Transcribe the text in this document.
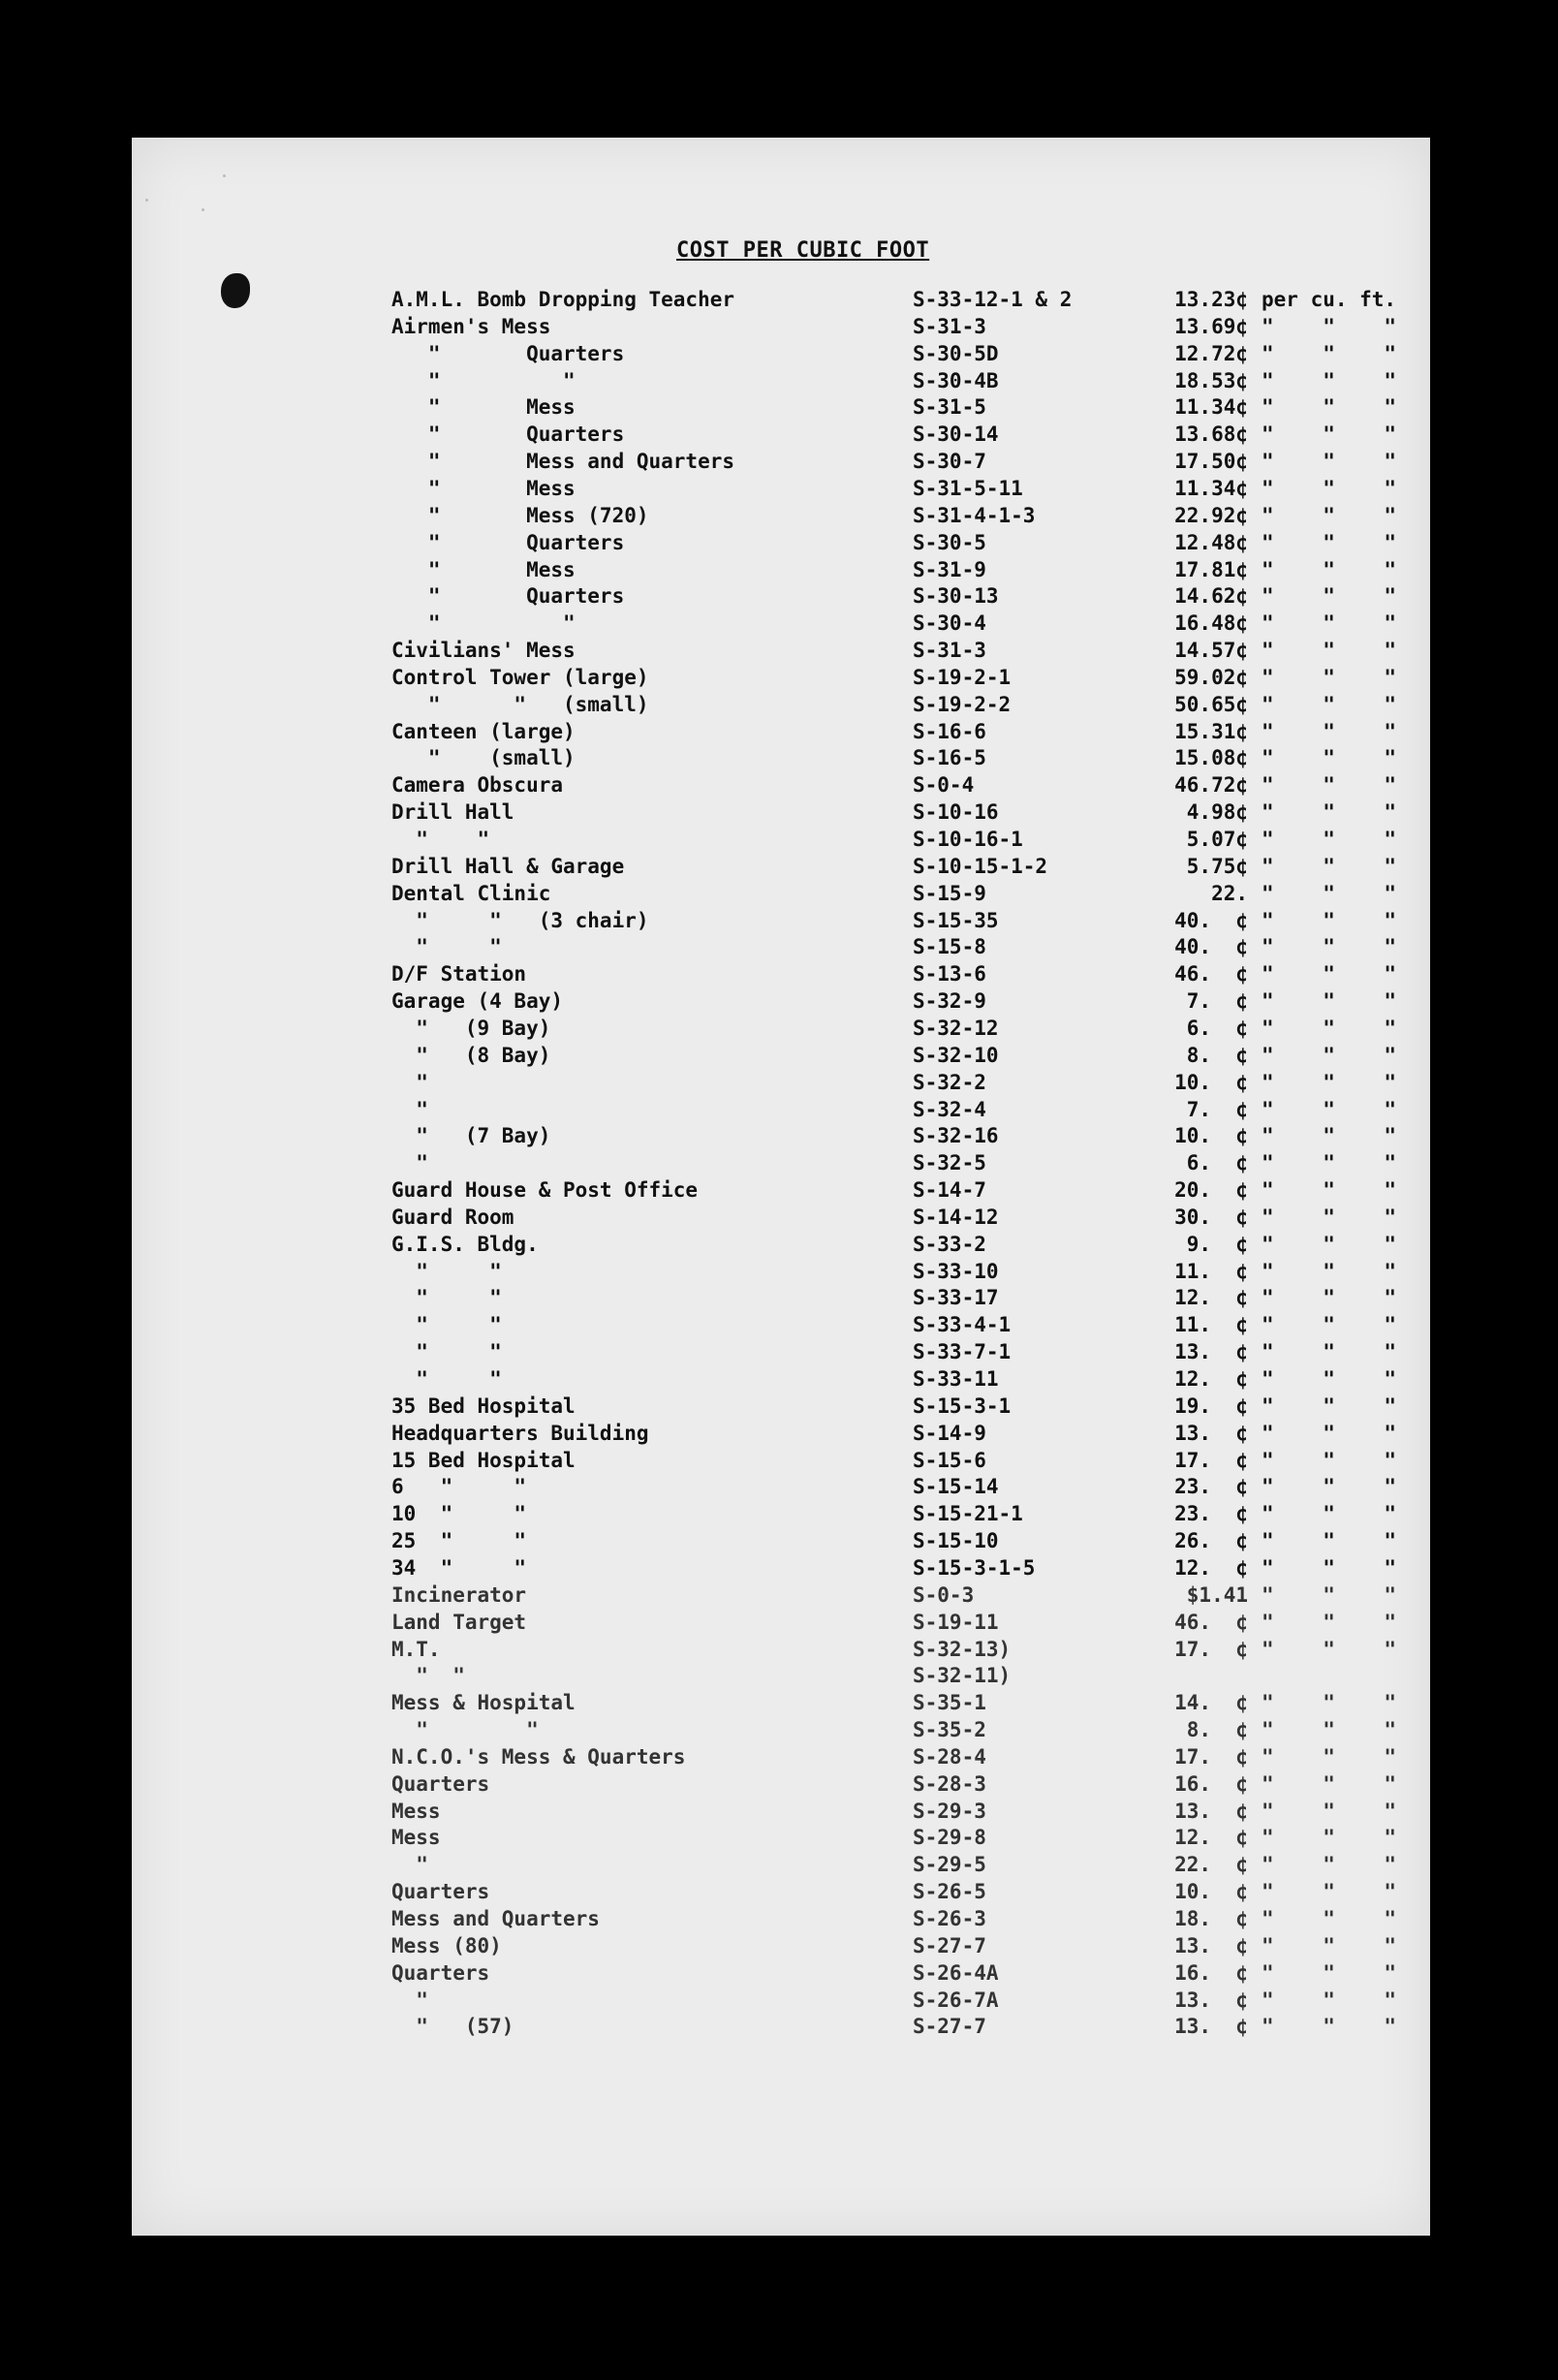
COST PER CUBIC FOOT
A.M.L. Bomb Dropping Teacher	S-33-12-1 & 2	13.23¢ per cu. ft.
Airmen's Mess	S-31-3	13.69¢ "    "    "
"       Quarters	S-30-5D	12.72¢ "    "    "
"          "	S-30-4B	18.53¢ "    "    "
"       Mess	S-31-5	11.34¢ "    "    "
"       Quarters	S-30-14	13.68¢ "    "    "
"       Mess and Quarters	S-30-7	17.50¢ "    "    "
"       Mess	S-31-5-11	11.34¢ "    "    "
"       Mess (720)	S-31-4-1-3	22.92¢ "    "    "
"       Quarters	S-30-5	12.48¢ "    "    "
"       Mess	S-31-9	17.81¢ "    "    "
"       Quarters	S-30-13	14.62¢ "    "    "
"          "	S-30-4	16.48¢ "    "    "
Civilians' Mess	S-31-3	14.57¢ "    "    "
Control Tower (large)	S-19-2-1	59.02¢ "    "    "
"      "   (small)	S-19-2-2	50.65¢ "    "    "
Canteen (large)	S-16-6	15.31¢ "    "    "
"    (small)	S-16-5	15.08¢ "    "    "
Camera Obscura	S-0-4	46.72¢ "    "    "
Drill Hall	S-10-16	4.98¢ "    "    "
"    "	S-10-16-1	5.07¢ "    "    "
Drill Hall & Garage	S-10-15-1-2	5.75¢ "    "    "
Dental Clinic	S-15-9	22. "    "    "
"     "   (3 chair)	S-15-35	40.  ¢ "    "    "
"     "	S-15-8	40.  ¢ "    "    "
D/F Station	S-13-6	46.  ¢ "    "    "
Garage (4 Bay)	S-32-9	7.  ¢ "    "    "
"   (9 Bay)	S-32-12	6.  ¢ "    "    "
"   (8 Bay)	S-32-10	8.  ¢ "    "    "
"	S-32-2	10.  ¢ "    "    "
"	S-32-4	7.  ¢ "    "    "
"   (7 Bay)	S-32-16	10.  ¢ "    "    "
"	S-32-5	6.  ¢ "    "    "
Guard House & Post Office	S-14-7	20.  ¢ "    "    "
Guard Room	S-14-12	30.  ¢ "    "    "
G.I.S. Bldg.	S-33-2	9.  ¢ "    "    "
"     "	S-33-10	11.  ¢ "    "    "
"     "	S-33-17	12.  ¢ "    "    "
"     "	S-33-4-1	11.  ¢ "    "    "
"     "	S-33-7-1	13.  ¢ "    "    "
"     "	S-33-11	12.  ¢ "    "    "
35 Bed Hospital	S-15-3-1	19.  ¢ "    "    "
Headquarters Building	S-14-9	13.  ¢ "    "    "
15 Bed Hospital	S-15-6	17.  ¢ "    "    "
6   "     "	S-15-14	23.  ¢ "    "    "
10  "     "	S-15-21-1	23.  ¢ "    "    "
25  "     "	S-15-10	26.  ¢ "    "    "
34  "     "	S-15-3-1-5	12.  ¢ "    "    "
Incinerator	S-0-3	$1.41 "    "    "
Land Target	S-19-11	46.  ¢ "    "    "
M.T.	S-32-13)	17.  ¢ "    "    "
"  "	S-32-11)
Mess & Hospital	S-35-1	14.  ¢ "    "    "
"        "	S-35-2	8.  ¢ "    "    "
N.C.O.'s Mess & Quarters	S-28-4	17.  ¢ "    "    "
Quarters	S-28-3	16.  ¢ "    "    "
Mess	S-29-3	13.  ¢ "    "    "
Mess	S-29-8	12.  ¢ "    "    "
"	S-29-5	22.  ¢ "    "    "
Quarters	S-26-5	10.  ¢ "    "    "
Mess and Quarters	S-26-3	18.  ¢ "    "    "
Mess (80)	S-27-7	13.  ¢ "    "    "
Quarters	S-26-4A	16.  ¢ "    "    "
"	S-26-7A	13.  ¢ "    "    "
"   (57)	S-27-7	13.  ¢ "    "    "
